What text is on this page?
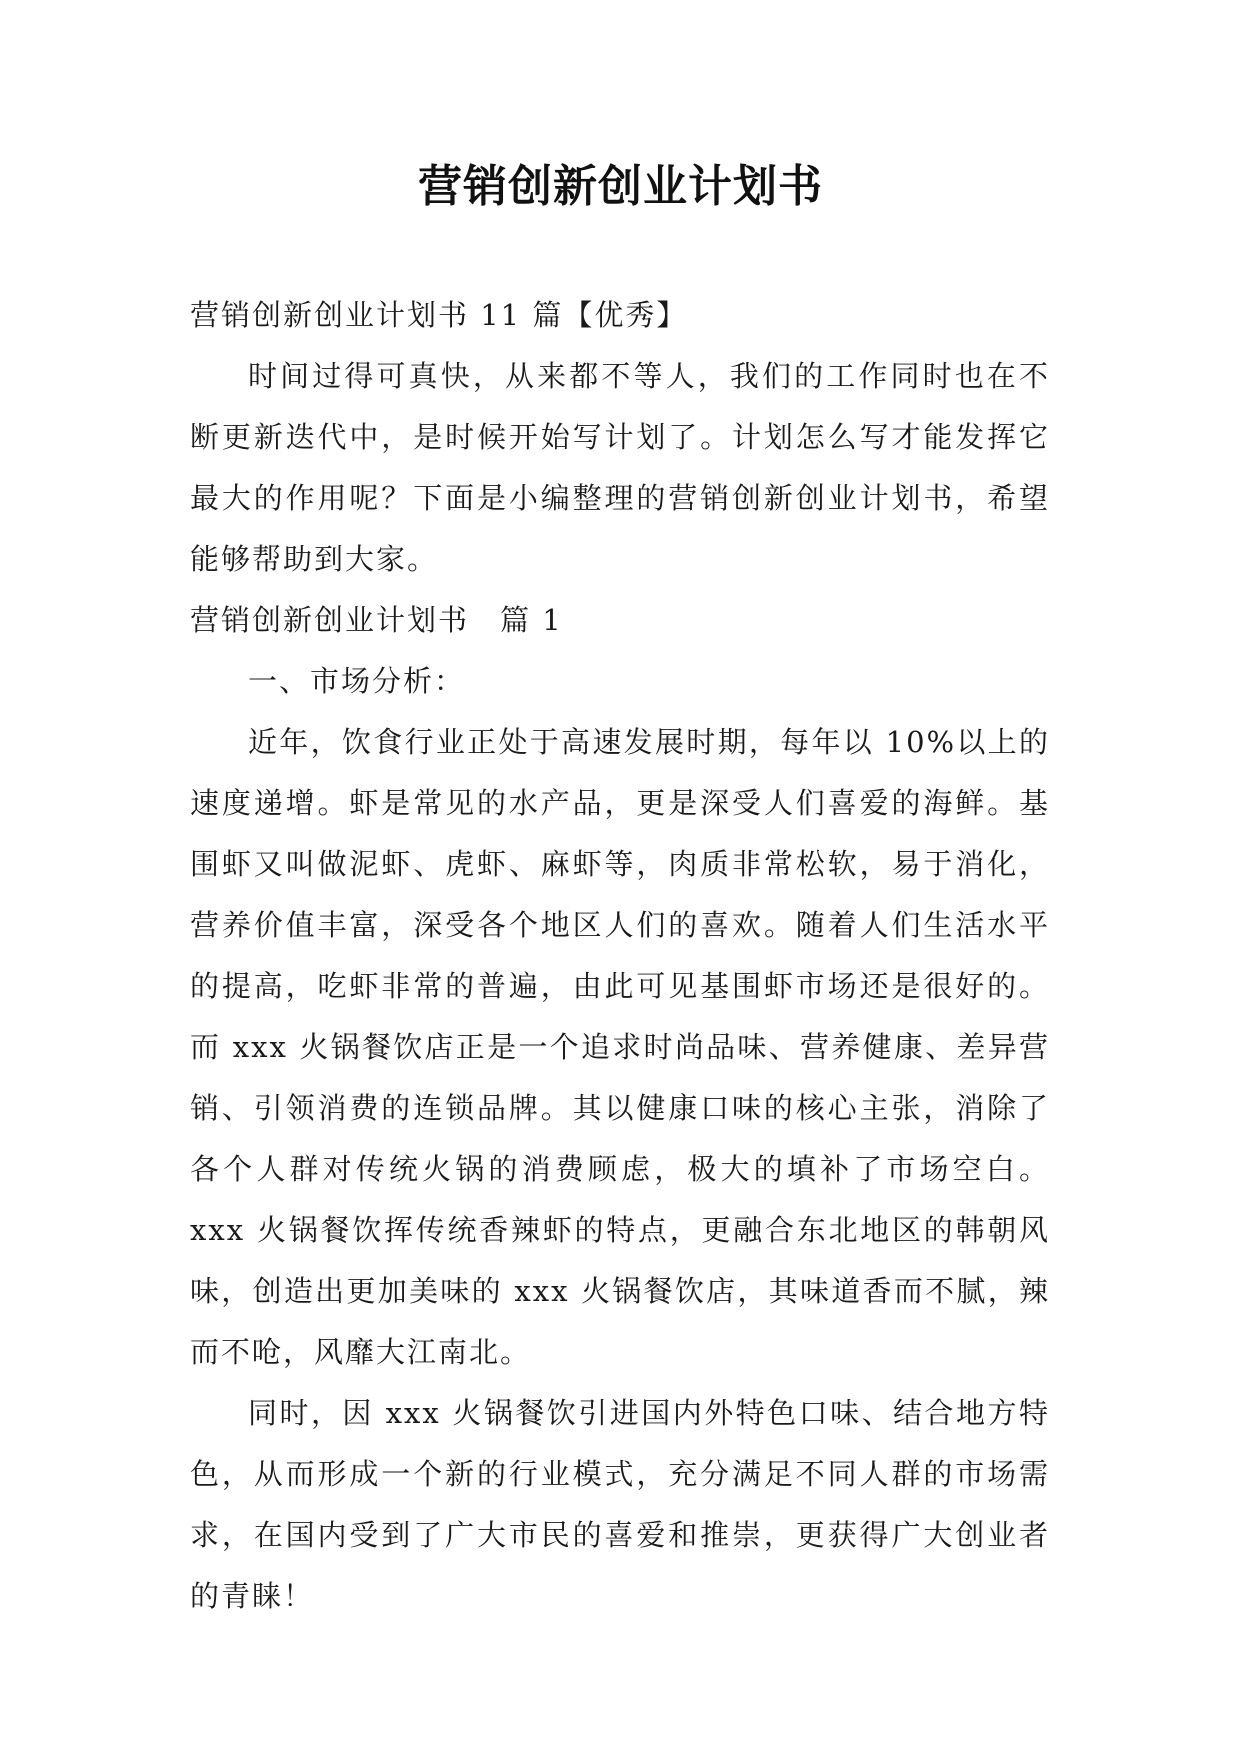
营销创新创业计划书

营销创新创业计划书 11 篇【优秀】

时间过得可真快，从来都不等人，我们的工作同时也在不断更新迭代中，是时候开始写计划了。计划怎么写才能发挥它最大的作用呢？下面是小编整理的营销创新创业计划书，希望能够帮助到大家。

营销创新创业计划书　篇 1

一、市场分析：

近年，饮食行业正处于高速发展时期，每年以 10%以上的速度递增。虾是常见的水产品，更是深受人们喜爱的海鲜。基围虾又叫做泥虾、虎虾、麻虾等，肉质非常松软，易于消化，营养价值丰富，深受各个地区人们的喜欢。随着人们生活水平的提高，吃虾非常的普遍，由此可见基围虾市场还是很好的。而 xxx 火锅餐饮店正是一个追求时尚品味、营养健康、差异营销、引领消费的连锁品牌。其以健康口味的核心主张，消除了各个人群对传统火锅的消费顾虑，极大的填补了市场空白。xxx 火锅餐饮挥传统香辣虾的特点，更融合东北地区的韩朝风味，创造出更加美味的 xxx 火锅餐饮店，其味道香而不腻，辣而不呛，风靡大江南北。

同时，因 xxx 火锅餐饮引进国内外特色口味、结合地方特色，从而形成一个新的行业模式，充分满足不同人群的市场需求，在国内受到了广大市民的喜爱和推崇，更获得广大创业者的青睐！
